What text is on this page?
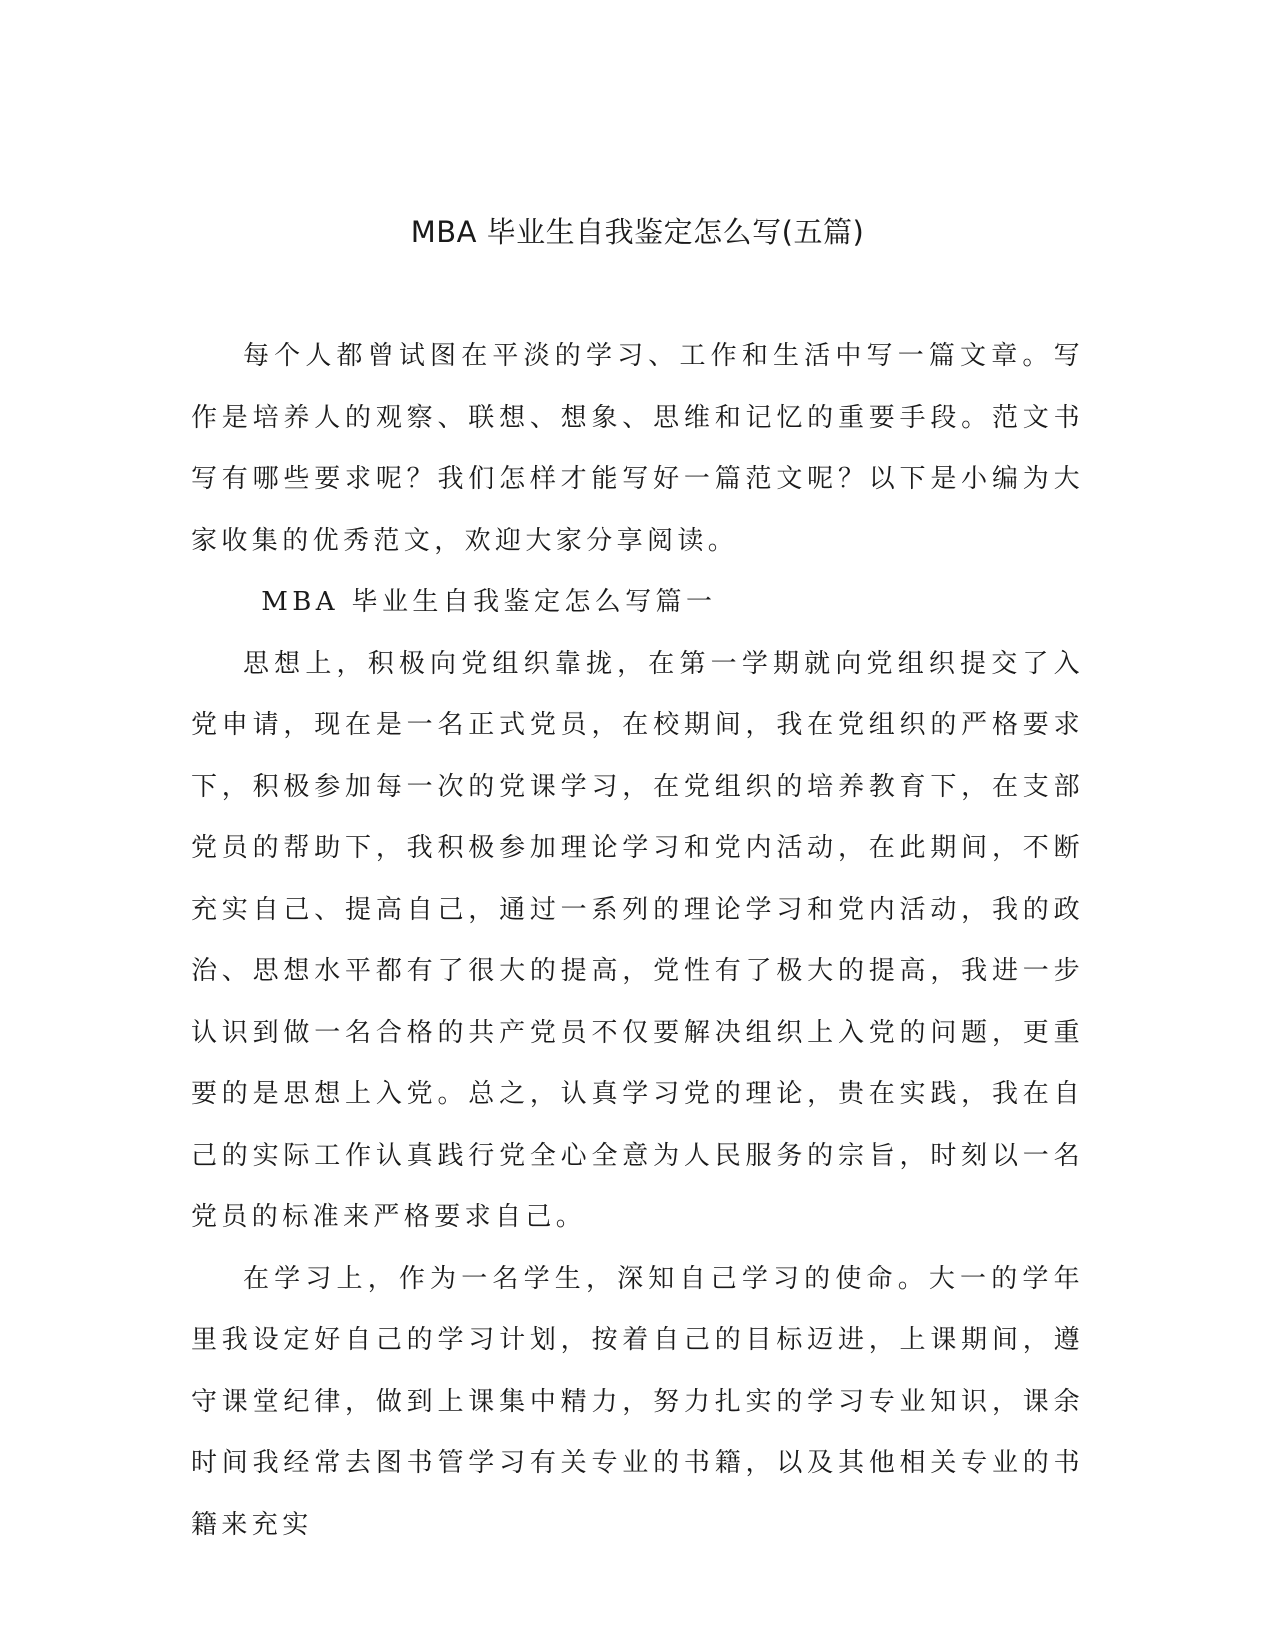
MBA 毕业生自我鉴定怎么写(五篇)

每个人都曾试图在平淡的学习、工作和生活中写一篇文章。写作是培养人的观察、联想、想象、思维和记忆的重要手段。范文书写有哪些要求呢？我们怎样才能写好一篇范文呢？以下是小编为大家收集的优秀范文，欢迎大家分享阅读。

MBA 毕业生自我鉴定怎么写篇一

思想上，积极向党组织靠拢，在第一学期就向党组织提交了入党申请，现在是一名正式党员，在校期间，我在党组织的严格要求下，积极参加每一次的党课学习，在党组织的培养教育下，在支部党员的帮助下，我积极参加理论学习和党内活动，在此期间，不断充实自己、提高自己，通过一系列的理论学习和党内活动，我的政治、思想水平都有了很大的提高，党性有了极大的提高，我进一步认识到做一名合格的共产党员不仅要解决组织上入党的问题，更重要的是思想上入党。总之，认真学习党的理论，贵在实践，我在自己的实际工作认真践行党全心全意为人民服务的宗旨，时刻以一名党员的标准来严格要求自己。

在学习上，作为一名学生，深知自己学习的使命。大一的学年里我设定好自己的学习计划，按着自己的目标迈进，上课期间，遵守课堂纪律，做到上课集中精力，努力扎实的学习专业知识，课余时间我经常去图书管学习有关专业的书籍，以及其他相关专业的书籍来充实
